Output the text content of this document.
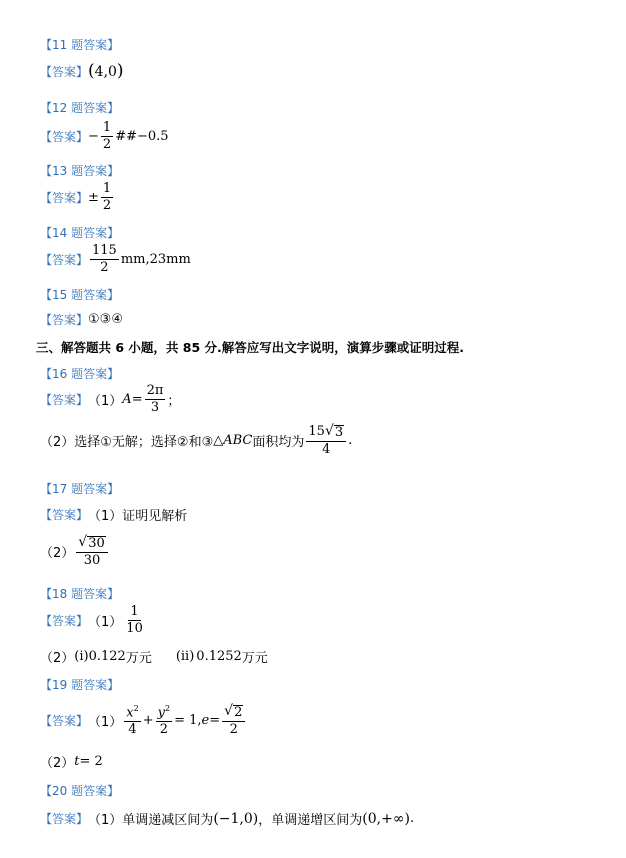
【11 题答案】
【答案】 ( 4,0 )
【12 题答案】
【答案】 − $\frac{1}{2}$ ##−0.5
【13 题答案】
【答案】 ± $\frac{1}{2}$
【14 题答案】
【答案】 $\frac{115}{2} mm,23mm$
【15 题答案】
【答案】 ①③④
三、解答题共 6 小题，共 85 分.解答应写出文字说明，演算步骤或证明过程.
【16 题答案】
【答案】 （1） $A = \frac{2\pi}{3}$ ；
（2） 选择①无解；选择②和③ △ ABC 面积均为 $\frac{15 √ 3}{4}$ .
【17 题答案】
【答案】 （1） 证明见解析
$(2) \frac{√ 30}{30}$
【18 题答案】
【答案】 $(1) \frac{1}{10}$
（2） (i)0.122 万元 (ii) 0.1252 万元
【19 题答案】
【答案】 $(1) \frac{x^2}{4} + \frac{y^2}{2} = 1$, $e = \frac{√ 2}{2}$
（2） t = 2
【20 题答案】
【答案】 （1） 单调递减区间为 (−1,0) ， 单调递增区间为 (0,+∞) .
